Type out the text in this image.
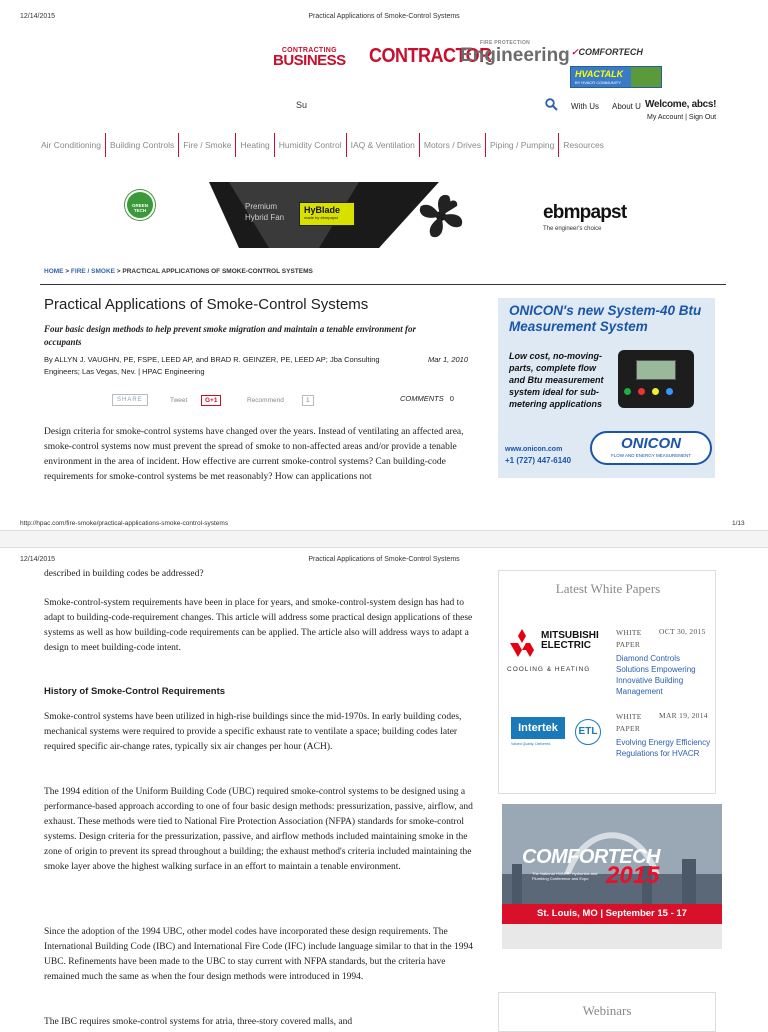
12/14/2015	Practical Applications of Smoke-Control Systems
CONTRACTING
BUSINESS CONTRACTOR
FIRE PROTECTION
Engineering ✓COMFORTECH
HVACTALK
BY HVACR COMMUNITY
Su	With Us About U Welcome, abcs!
My Account | Sign Out
Air Conditioning	Building Controls	Fire / Smoke	Heating	Humidity Control	IAQ & Ventilation	Motors / Drives	Piping / Pumping	Resources
GREEN TECH	Premium
Hybrid Fan
HyBlade
made by ebmpapst	ebmpapst
The engineer's choice
HOME > FIRE / SMOKE > PRACTICAL APPLICATIONS OF SMOKE-CONTROL SYSTEMS
Practical Applications of Smoke-Control Systems
Four basic design methods to help prevent smoke migration and maintain a tenable environment for occupants
By ALLYN J. VAUGHN, PE, FSPE, LEED AP, and BRAD R. GEINZER, PE, LEED AP; Jba Consulting Engineers; Las Vegas, Nev. | HPAC Engineering
Mar 1, 2010
SHARE	Tweet	G+1	Recommend	1	COMMENTS 0
Design criteria for smoke-control systems have changed over the years. Instead of ventilating an affected area, smoke-control systems now must prevent the spread of smoke to non-affected areas and/or provide a tenable environment in the area of incident. How effective are current smoke-control systems? Can building-code requirements for smoke-control systems be met reasonably? How can applications not
ONICON's new System-40 Btu Measurement System
Low cost, no-moving-parts, complete flow and Btu measurement system ideal for sub-metering applications
www.onicon.com
+1 (727) 447-6140
ONICON
FLOW AND ENERGY MEASUREMENT
http://hpac.com/fire-smoke/practical-applications-smoke-control-systems	1/13
12/14/2015	Practical Applications of Smoke-Control Systems
described in building codes be addressed?
Smoke-control-system requirements have been in place for years, and smoke-control-system design has had to adapt to building-code-requirement changes. This article will address some practical design applications of these systems as well as how building-code requirements can be applied. The article also will address ways to adapt a design to meet building-code intent.
History of Smoke-Control Requirements
Smoke-control systems have been utilized in high-rise buildings since the mid-1970s. In early building codes, mechanical systems were required to provide a specific exhaust rate to ventilate a space; building codes later required specific air-change rates, typically six air changes per hour (ACH).
The 1994 edition of the Uniform Building Code (UBC) required smoke-control systems to be designed using a performance-based approach according to one of four basic design methods: pressurization, passive, airflow, and exhaust. These methods were tied to National Fire Protection Association (NFPA) standards for smoke-control systems. Design criteria for the pressurization, passive, and airflow methods included maintaining smoke in the zone of origin to prevent its spread throughout a building; the exhaust method's criteria included maintaining the smoke layer above the highest walking surface in an effort to maintain a tenable environment.
Since the adoption of the 1994 UBC, other model codes have incorporated these design requirements. The International Building Code (IBC) and International Fire Code (IFC) include language similar to that in the 1994 UBC. Refinements have been made to the UBC to stay current with NFPA standards, but the criteria have remained much the same as when the four design methods were introduced in 1994.
The IBC requires smoke-control systems for atria, three-story covered malls, and
Latest White Papers
MITSUBISHI ELECTRIC
COOLING & HEATING
WHITE PAPER
OCT 30, 2015
Diamond Controls Solutions Empowering Innovative Building Management
Intertek
Valued Quality. Delivered.
ETL
WHITE PAPER
MAR 19, 2014
Evolving Energy Efficiency Regulations for HVACR
COMFORTECH
2015
The National HVACR, Hydronics and Plumbing Conference and Expo
St. Louis, MO | September 15 - 17
Webinars
